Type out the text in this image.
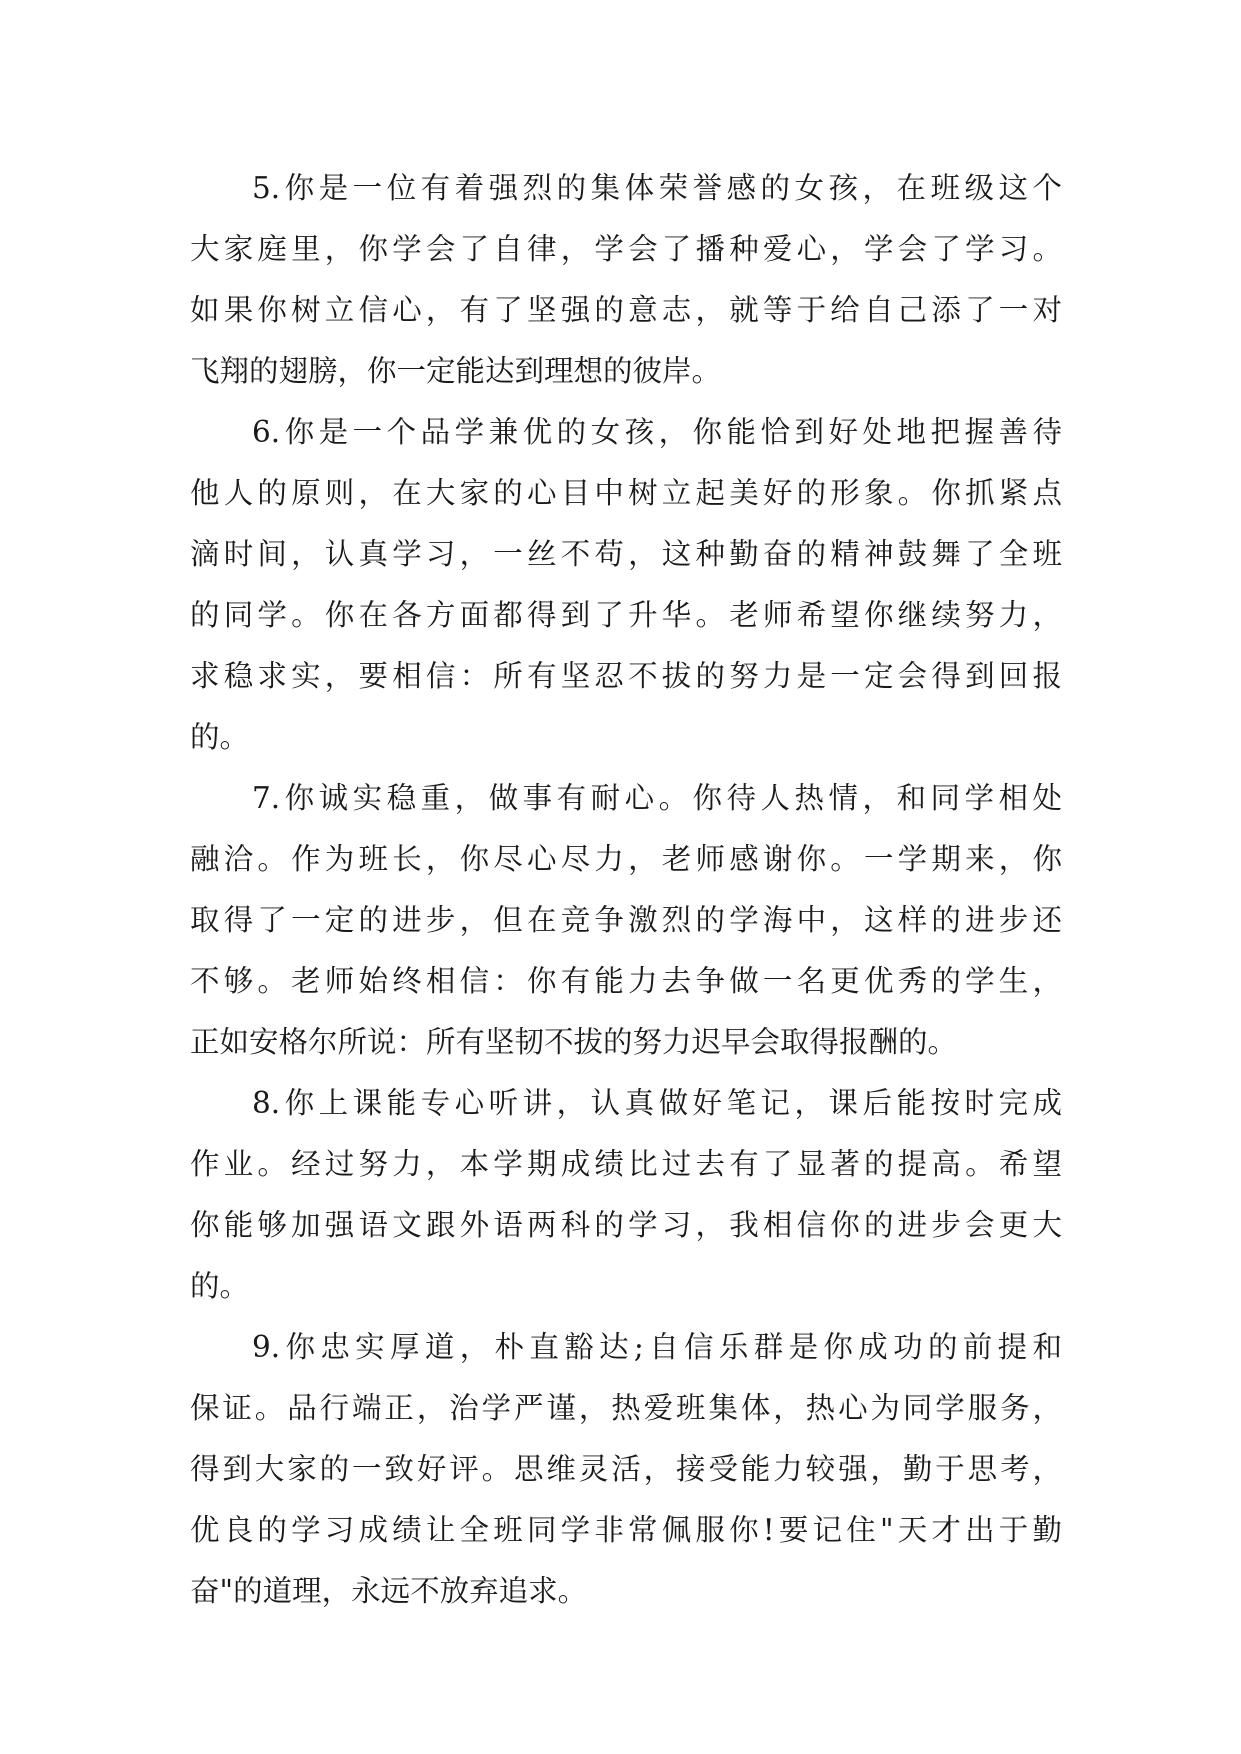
5.你是一位有着强烈的集体荣誉感的女孩，在班级这个
大家庭里，你学会了自律，学会了播种爱心，学会了学习。
如果你树立信心，有了坚强的意志，就等于给自己添了一对
飞翔的翅膀，你一定能达到理想的彼岸。
6.你是一个品学兼优的女孩，你能恰到好处地把握善待
他人的原则，在大家的心目中树立起美好的形象。你抓紧点
滴时间，认真学习，一丝不苟，这种勤奋的精神鼓舞了全班
的同学。你在各方面都得到了升华。老师希望你继续努力，
求稳求实，要相信：所有坚忍不拔的努力是一定会得到回报
的。
7.你诚实稳重，做事有耐心。你待人热情，和同学相处
融洽。作为班长，你尽心尽力，老师感谢你。一学期来，你
取得了一定的进步，但在竞争激烈的学海中，这样的进步还
不够。老师始终相信：你有能力去争做一名更优秀的学生，
正如安格尔所说：所有坚韧不拔的努力迟早会取得报酬的。
8.你上课能专心听讲，认真做好笔记，课后能按时完成
作业。经过努力，本学期成绩比过去有了显著的提高。希望
你能够加强语文跟外语两科的学习，我相信你的进步会更大
的。
9.你忠实厚道，朴直豁达;自信乐群是你成功的前提和
保证。品行端正，治学严谨，热爱班集体，热心为同学服务，
得到大家的一致好评。思维灵活，接受能力较强，勤于思考，
优良的学习成绩让全班同学非常佩服你!要记住"天才出于勤
奋"的道理，永远不放弃追求。
